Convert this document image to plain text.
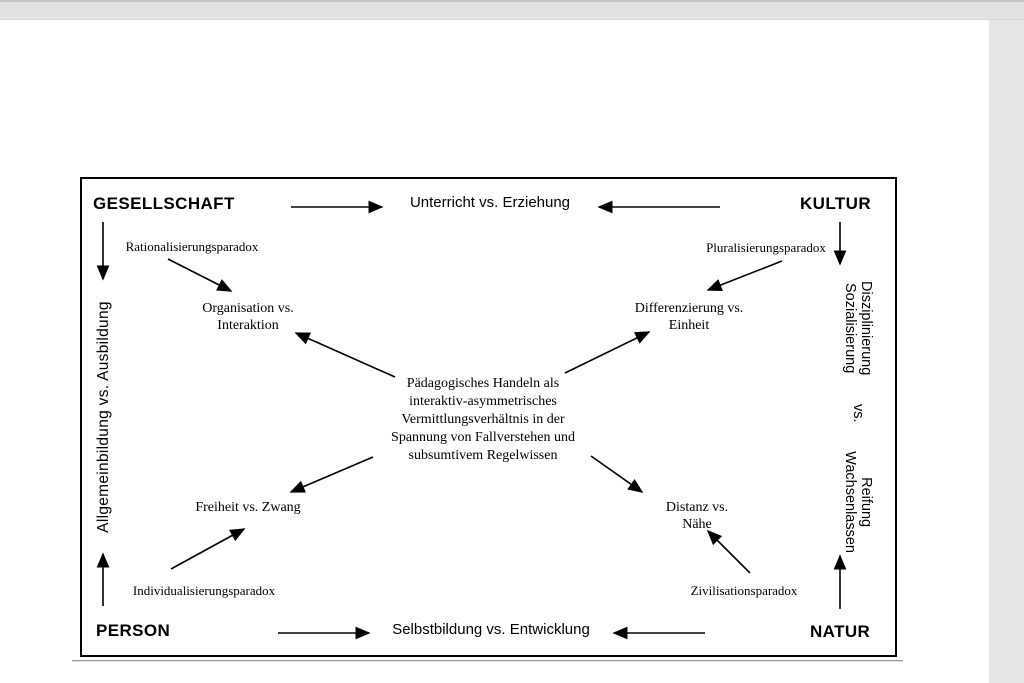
GESELLSCHAFT	KULTUR
PERSON	NATUR
Unterricht vs. Erziehung
Selbstbildung vs. Entwicklung
Allgemeinbildung vs. Ausbildung	Disziplinierung
Sozialisierung
vs.
Reifung
Wachsenlassen
Rationalisierungsparadox	Pluralisierungsparadox
Individualisierungsparadox	Zivilisationsparadox
Organisation vs.
Interaktion
Differenzierung vs.
Einheit
Freiheit vs. Zwang	Distanz vs.
Nähe
Pädagogisches Handeln als
interaktiv-asymmetrisches
Vermittlungsverhältnis in der
Spannung von Fallverstehen und
subsumtivem Regelwissen
